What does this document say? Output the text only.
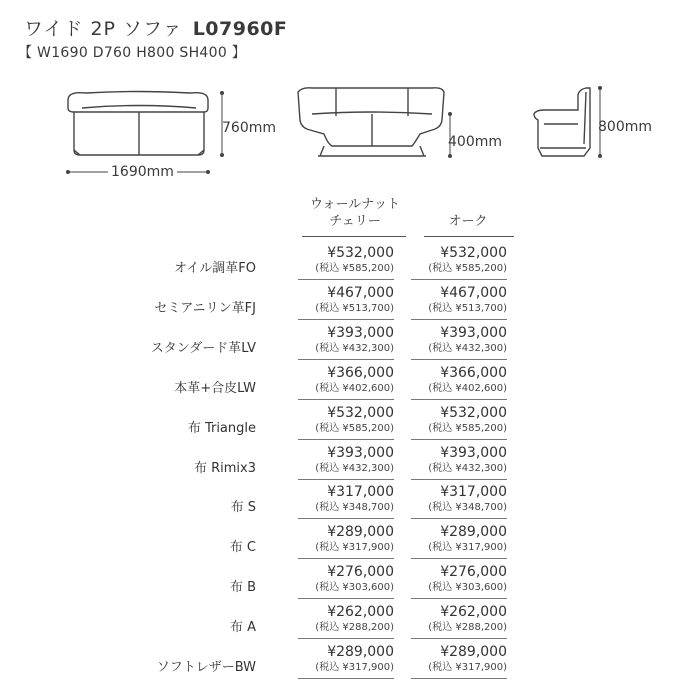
ワイド 2P ソファ L07960F
【 W1690 D760 H800 SH400 】
760mm
1690mm
400mm
800mm
ウォールナット
チェリー
	オーク
オイル調革FO
¥532,000
(税込 ¥585,200)
¥532,000
(税込 ¥585,200)
セミアニリン革FJ
¥467,000
(税込 ¥513,700)
¥467,000
(税込 ¥513,700)
スタンダード革LV
¥393,000
(税込 ¥432,300)
¥393,000
(税込 ¥432,300)
本革+合皮LW
¥366,000
(税込 ¥402,600)
¥366,000
(税込 ¥402,600)
布 Triangle
¥532,000
(税込 ¥585,200)
¥532,000
(税込 ¥585,200)
布 Rimix3
¥393,000
(税込 ¥432,300)
¥393,000
(税込 ¥432,300)
布 S
¥317,000
(税込 ¥348,700)
¥317,000
(税込 ¥348,700)
布 C
¥289,000
(税込 ¥317,900)
¥289,000
(税込 ¥317,900)
布 B
¥276,000
(税込 ¥303,600)
¥276,000
(税込 ¥303,600)
布 A
¥262,000
(税込 ¥288,200)
¥262,000
(税込 ¥288,200)
ソフトレザーBW
¥289,000
(税込 ¥317,900)
¥289,000
(税込 ¥317,900)
